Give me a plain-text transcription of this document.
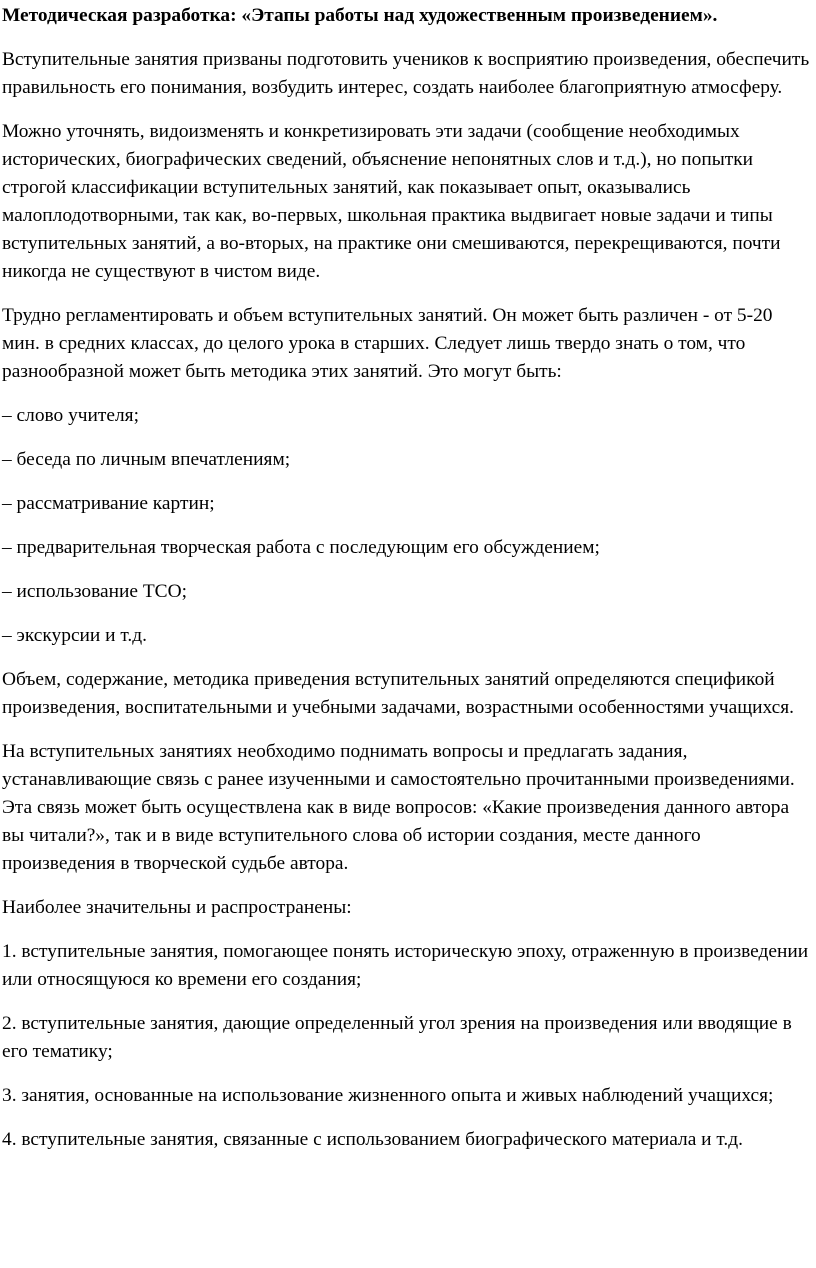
Методическая разработка: «Этапы работы над художественным произведением».

Вступительные занятия призваны подготовить учеников к восприятию произведения, обеспечить правильность его понимания, возбудить интерес, создать наиболее благоприятную атмосферу.

Можно уточнять, видоизменять и конкретизировать эти задачи (сообщение необходимых исторических, биографических сведений, объяснение непонятных слов и т.д.), но попытки строгой классификации вступительных занятий, как показывает опыт, оказывались малоплодотворными, так как, во-первых, школьная практика выдвигает новые задачи и типы вступительных занятий, а во-вторых, на практике они смешиваются, перекрещиваются, почти никогда не существуют в чистом виде.

Трудно регламентировать и объем вступительных занятий. Он может быть различен - от 5-20 мин. в средних классах, до целого урока в старших. Следует лишь твердо знать о том, что разнообразной может быть методика этих занятий. Это могут быть:

– слово учителя;

– беседа по личным впечатлениям;

– рассматривание картин;

– предварительная творческая работа с последующим его обсуждением;

– использование ТСО;

– экскурсии и т.д.

Объем, содержание, методика приведения вступительных занятий определяются спецификой произведения, воспитательными и учебными задачами, возрастными особенностями учащихся.

На вступительных занятиях необходимо поднимать вопросы и предлагать задания, устанавливающие связь с ранее изученными и самостоятельно прочитанными произведениями. Эта связь может быть осуществлена как в виде вопросов: «Какие произведения данного автора вы читали?», так и в виде вступительного слова об истории создания, месте данного произведения в творческой судьбе автора.

Наиболее значительны и распространены:

1. вступительные занятия, помогающее понять историческую эпоху, отраженную в произведении или относящуюся ко времени его создания;

2. вступительные занятия, дающие определенный угол зрения на произведения или вводящие в его тематику;

3. занятия, основанные на использование жизненного опыта и живых наблюдений учащихся;

4. вступительные занятия, связанные с использованием биографического материала и т.д.
